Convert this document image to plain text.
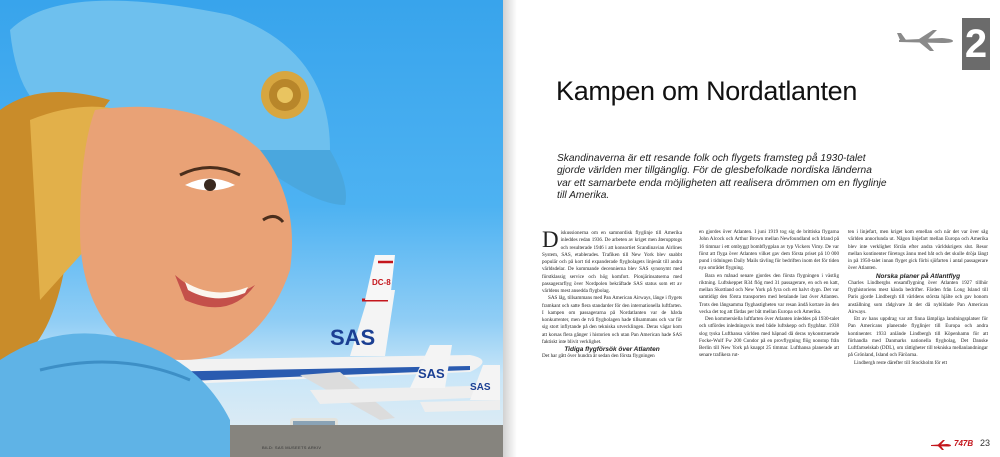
SAS
SAS
SAS
DC-8
BILD: SAS MUSEETS ARKIV
2
Kampen om Nordatlanten
Skandinaverna är ett resande folk och flygets framsteg på 1930-talet gjorde världen mer tillgänglig. För de glesbefolkade nordiska länderna var ett samarbete enda möjligheten att realisera drömmen om en flyglinje till Amerika.

Diskussionerna om en samnordisk flyglinje till Amerika inleddes redan 1936. De arbeten av kriget men återupptogs och resulterade 1946 i att konsortiet Scandinavian Airlines System, SAS, etablerades. Trafiken till New York blev snabbt populär och på kort tid expanderade flygbolagets linjenät till andra världsdelar. De kommande decennierna blev SAS synonymt med förstklassig service och hög komfort. Pionjärinsatserna med passagerarflyg över Nordpolen bekräftade SAS status som ett av världens mest ansedda flygbolag.

SAS låg, tillsammans med Pan American Airways, länge i flygets framkant och satte flera standarder för den internationella luftfarten. I kampen om passagerarna på Nordatlanten var de hårda konkurrenter, men de två flygbolagen hade tillsammans och var för sig stort inflytande på den tekniska utvecklingen. Deras vägar kom att korsas flera gånger i historien och utan Pan American hade SAS faktiskt inte blivit verklighet.

Tidiga flygförsök över Atlanten

Det har gått över hundra år sedan den första flygningen

en gjordes över Atlanten. I juni 1919 tog sig de brittiska flygarna John Alcock och Arthur Brown mellan Newfoundland och Irland på 16 timmar i ett ombyggt bombflygplan av typ Vickers Vimy. De var först att flyga över Atlanten vilket gav dem första priset på 10 000 pund i tidningen Daily Mails tävling för bedriften inom det för tiden nya området flygning.

Bara en månad senare gjordes den första flygningen i västlig riktning. Luftskeppet R34 flög med 31 passagerare, en och en katt, mellan Skottland och New York på fyra och ett halvt dygn. Det var samtidigt den första transporten med betalande last över Atlanten. Trots den långsamma flyghastigheten var resan ändå kortare än den vecka det tog att färdas per båt mellan Europa och Amerika.

Den kommersiella luftfarten över Atlanten inleddes på 1930-talet och utfördes inledningsvis med både luftskepp och flygbåtar. 1938 slog tyska Lufthansa världen med häpnad då deras nykonstruerade Focke-Wulf Fw 200 Condor på en provflygning flög nonstop från Berlin till New York på knappt 25 timmar. Lufthansa planerade att senare trafikera rut-

ten i linjefart, men kriget kom emellan och när det var över såg världen annorlunda ut. Någon linjefart mellan Europa och Amerika blev inte verklighet förrän efter andra världskrigets slut. Resor mellan kontinenter företogs ännu med båt och det skulle dröja längt in på 1950-talet innan flyget gick förbi sjöfarten i antal passagerare över Atlanten.

Norska planer på Atlantflyg

Charles Lindberghs ensamflygning över Atlanten 1927 tillhör flyghistoriens mest kända bedrifter. Färden från Long Island till Paris gjorde Lindbergh till världens största hjälte och gav honom anställning som rådgivare åt det då nybildade Pan American Airways.

Ett av hans uppdrag var att finna lämpliga landningsplatser för Pan Americans planerade flyglinjer till Europa och andra kontinenter. 1933 anlände Lindbergh till Köpenhamn för att förhandla med Danmarks nationella flygbolag, Det Danske Luftfartselskab (DDL), om rättigheter till tekniska mellanlandningar på Grönland, Island och Färöarna.

Lindbergh reste därefter till Stockholm för ett

747B 23
